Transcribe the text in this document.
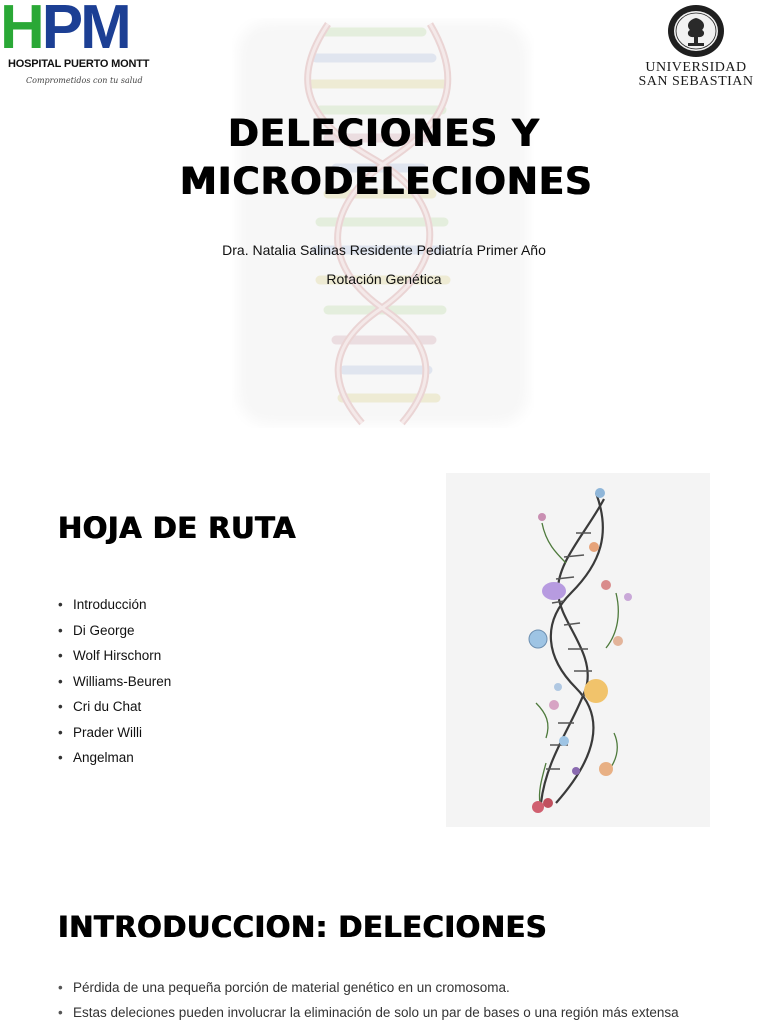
HPM
HOSPITAL PUERTO MONTT
Comprometidos con tu salud
UNIVERSIDAD
SAN SEBASTIAN
DELECIONES Y
MICRODELECIONES
Dra. Natalia Salinas Residente Pediatría Primer Año
Rotación Genética
HOJA DE RUTA
• Introducción
• Di George
• Wolf Hirschorn
• Williams-Beuren
• Cri du Chat
• Prader Willi
• Angelman
INTRODUCCION: DELECIONES
• Pérdida de una pequeña porción de material genético en un cromosoma.
• Estas deleciones pueden involucrar la eliminación de solo un par de bases o una región más extensa
